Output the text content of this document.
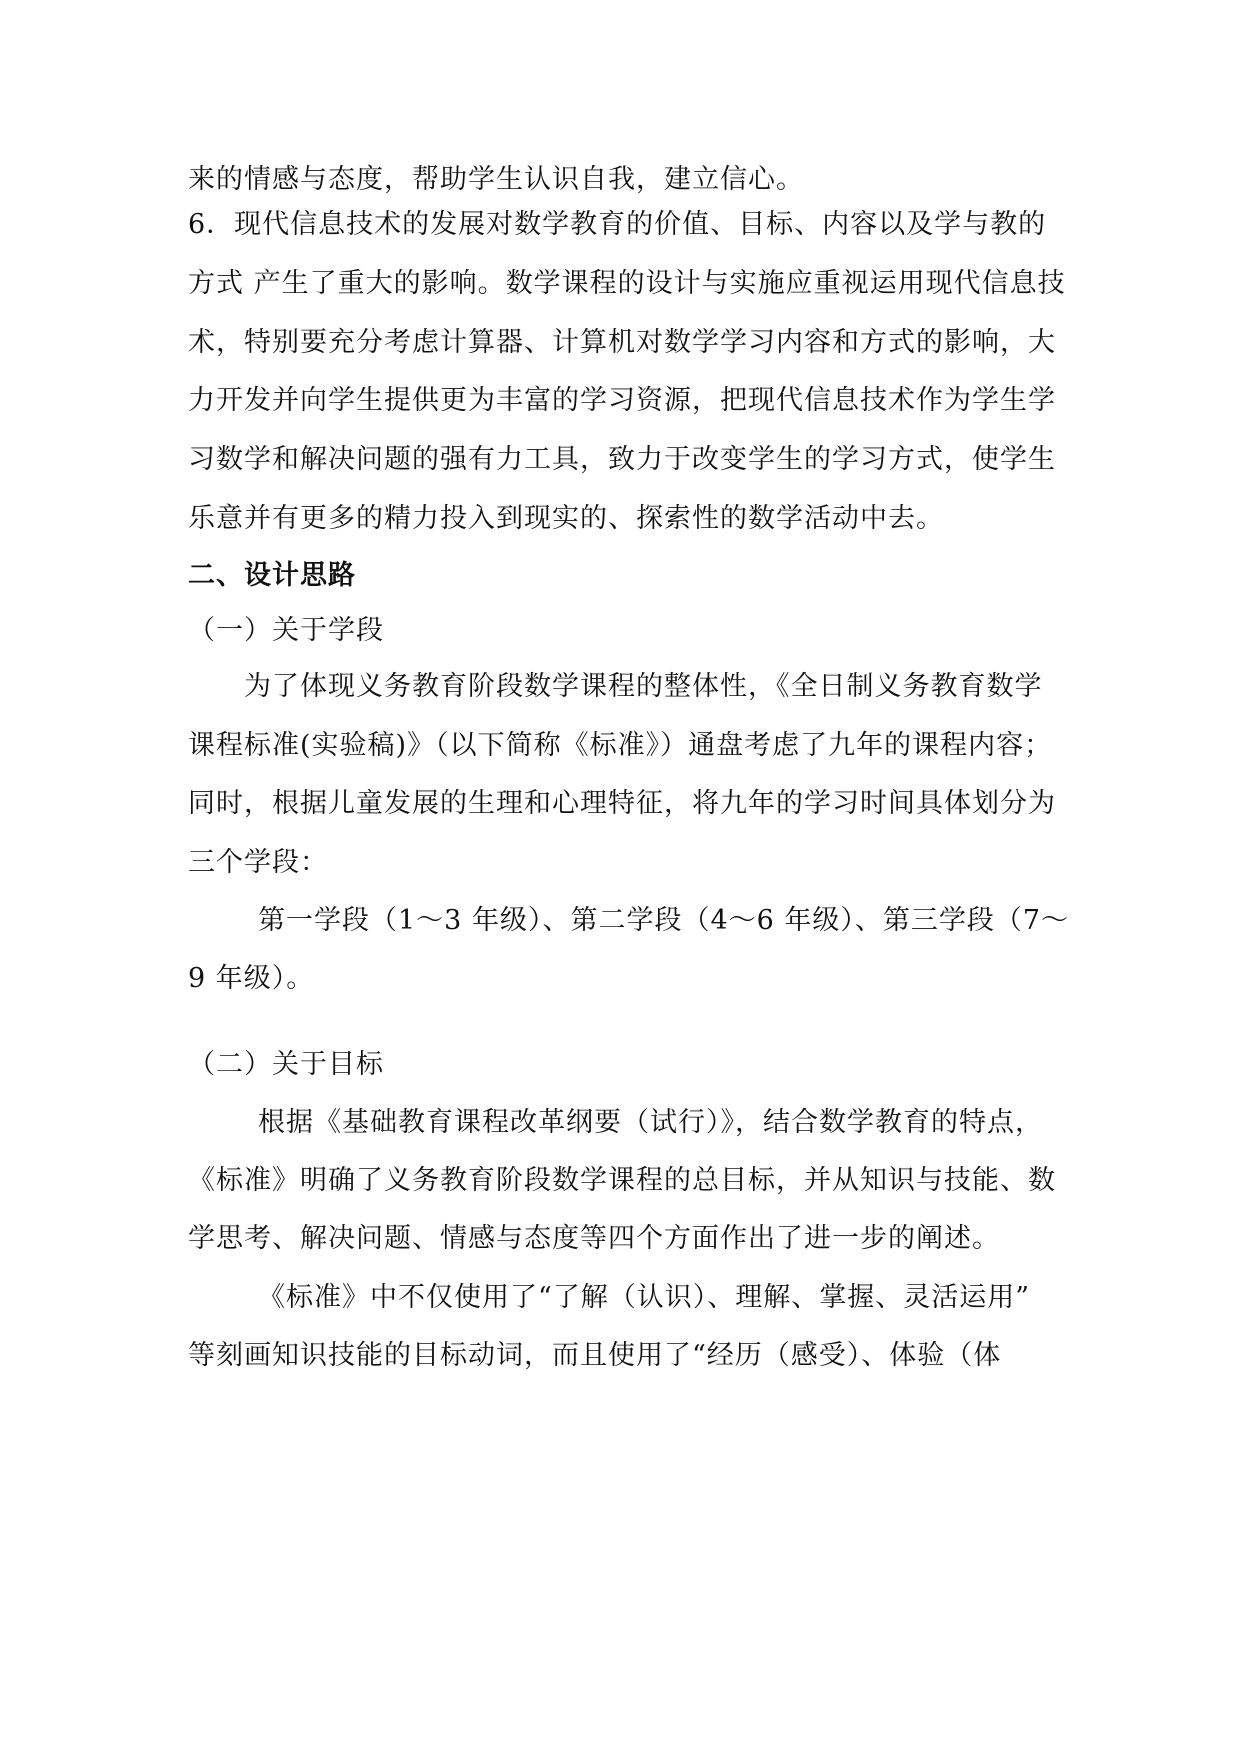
来的情感与态度，帮助学生认识自我，建立信心。
6．现代信息技术的发展对数学教育的价值、目标、内容以及学与教的
方式 产生了重大的影响。数学课程的设计与实施应重视运用现代信息技
术，特别要充分考虑计算器、计算机对数学学习内容和方式的影响，大
力开发并向学生提供更为丰富的学习资源，把现代信息技术作为学生学
习数学和解决问题的强有力工具，致力于改变学生的学习方式，使学生
乐意并有更多的精力投入到现实的、探索性的数学活动中去。
二、设计思路
（一）关于学段
为了体现义务教育阶段数学课程的整体性，《全日制义务教育数学
课程标准(实验稿)》（以下简称《标准》）通盘考虑了九年的课程内容；
同时，根据儿童发展的生理和心理特征，将九年的学习时间具体划分为
三个学段：
第一学段（1～3 年级）、第二学段（4～6 年级）、第三学段（7～
9 年级）。
（二）关于目标
根据《基础教育课程改革纲要（试行）》，结合数学教育的特点，
《标准》明确了义务教育阶段数学课程的总目标，并从知识与技能、数
学思考、解决问题、情感与态度等四个方面作出了进一步的阐述。
《标准》中不仅使用了“了解（认识）、理解、掌握、灵活运用”
等刻画知识技能的目标动词，而且使用了“经历（感受）、体验（体
